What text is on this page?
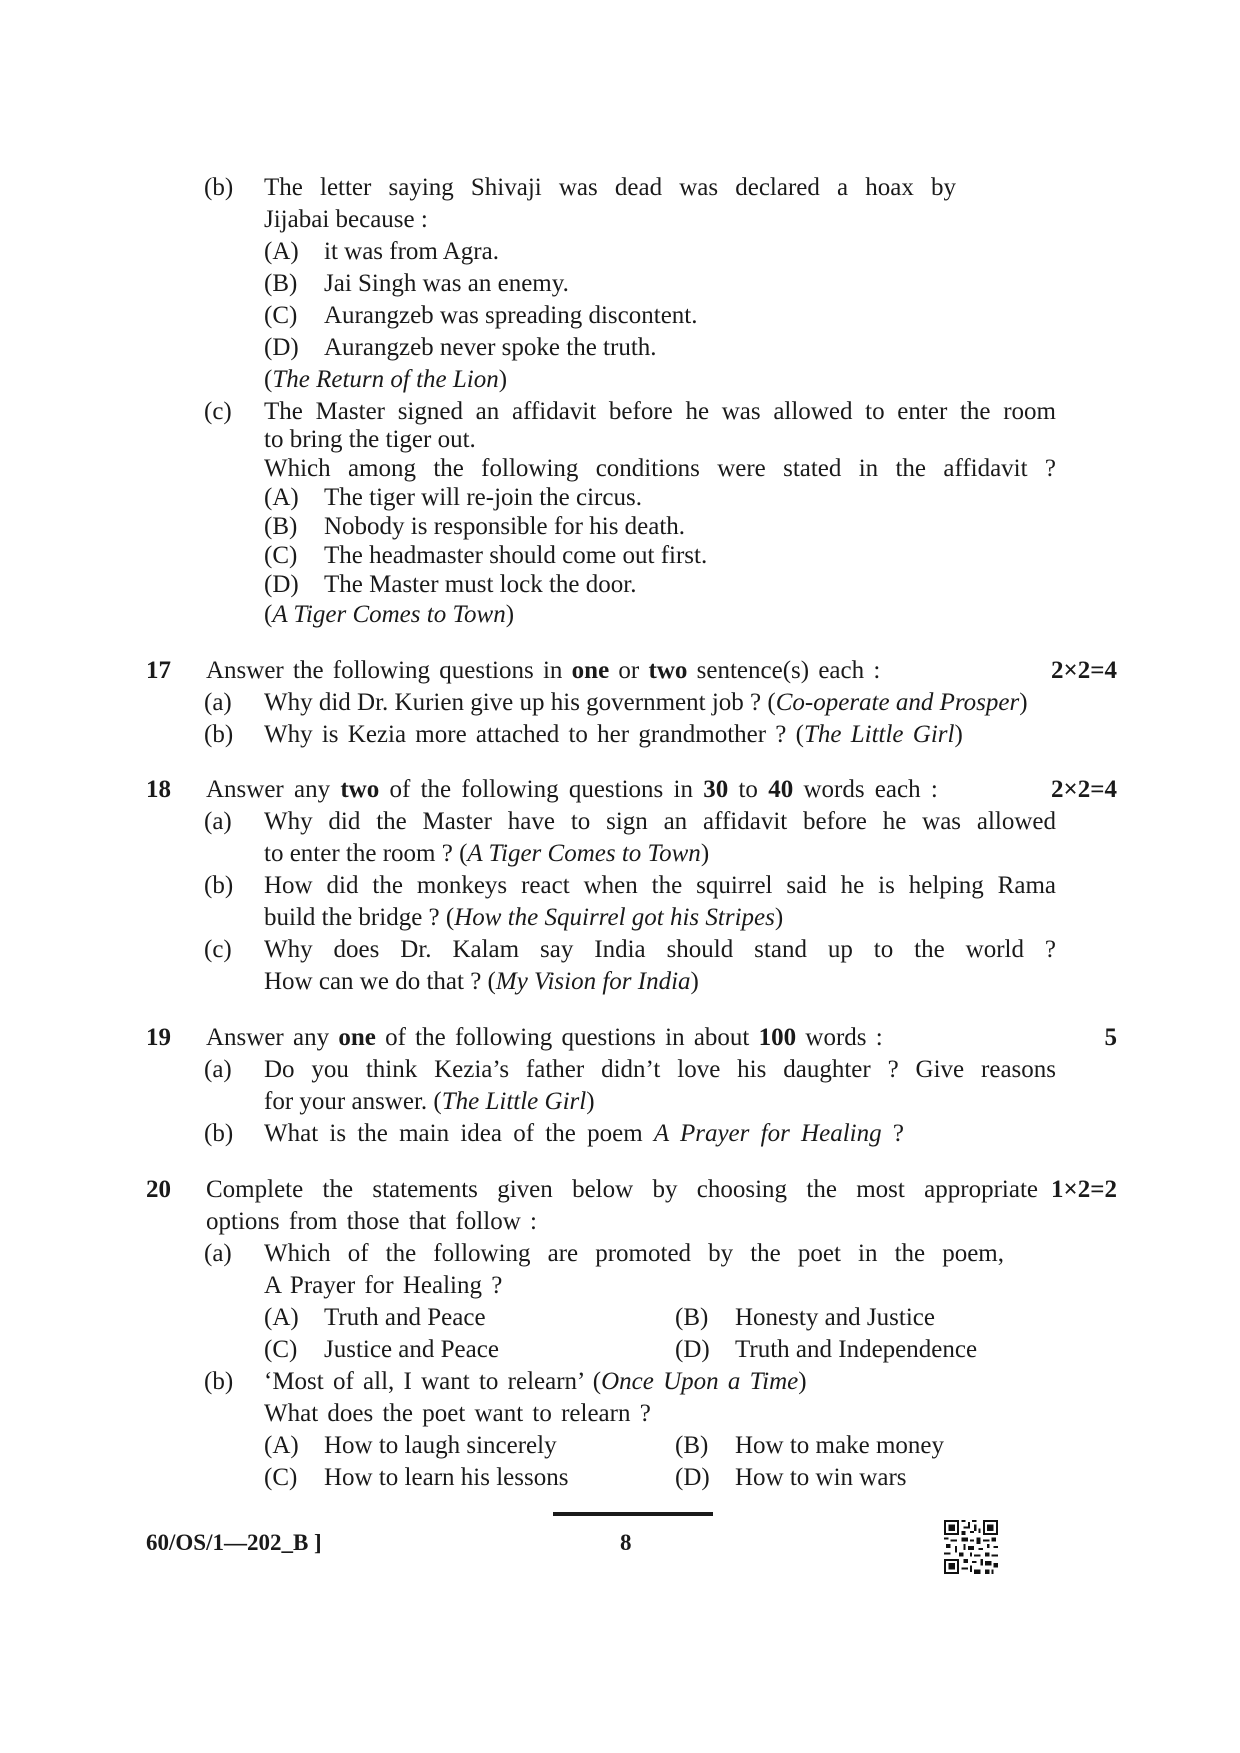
(b) The letter saying Shivaji was dead was declared a hoax by
Jijabai because :
(A) it was from Agra.
(B) Jai Singh was an enemy.
(C) Aurangzeb was spreading discontent.
(D) Aurangzeb never spoke the truth.
(The Return of the Lion)
(c) The Master signed an affidavit before he was allowed to enter the room
to bring the tiger out.
Which among the following conditions were stated in the affidavit ?
(A) The tiger will re-join the circus.
(B) Nobody is responsible for his death.
(C) The headmaster should come out first.
(D) The Master must lock the door.
(A Tiger Comes to Town)
17 Answer the following questions in one or two sentence(s) each :	2×2=4
(a) Why did Dr. Kurien give up his government job ? (Co-operate and Prosper)
(b) Why is Kezia more attached to her grandmother ? (The Little Girl)
18 Answer any two of the following questions in 30 to 40 words each :	2×2=4
(a) Why did the Master have to sign an affidavit before he was allowed
to enter the room ? (A Tiger Comes to Town)
(b) How did the monkeys react when the squirrel said he is helping Rama
build the bridge ? (How the Squirrel got his Stripes)
(c) Why does Dr. Kalam say India should stand up to the world ?
How can we do that ? (My Vision for India)
19 Answer any one of the following questions in about 100 words :	5
(a) Do you think Kezia’s father didn’t love his daughter ? Give reasons
for your answer. (The Little Girl)
(b) What is the main idea of the poem A Prayer for Healing ?
20 Complete the statements given below by choosing the most appropriate 1×2=2
options from those that follow :
(a) Which of the following are promoted by the poet in the poem,
A Prayer for Healing ?
(A) Truth and Peace	(B) Honesty and Justice
(C) Justice and Peace	(D) Truth and Independence
(b) ‘Most of all, I want to relearn’ (Once Upon a Time)
What does the poet want to relearn ?
(A) How to laugh sincerely	(B) How to make money
(C) How to learn his lessons	(D) How to win wars
60/OS/1—202_B ]	8
